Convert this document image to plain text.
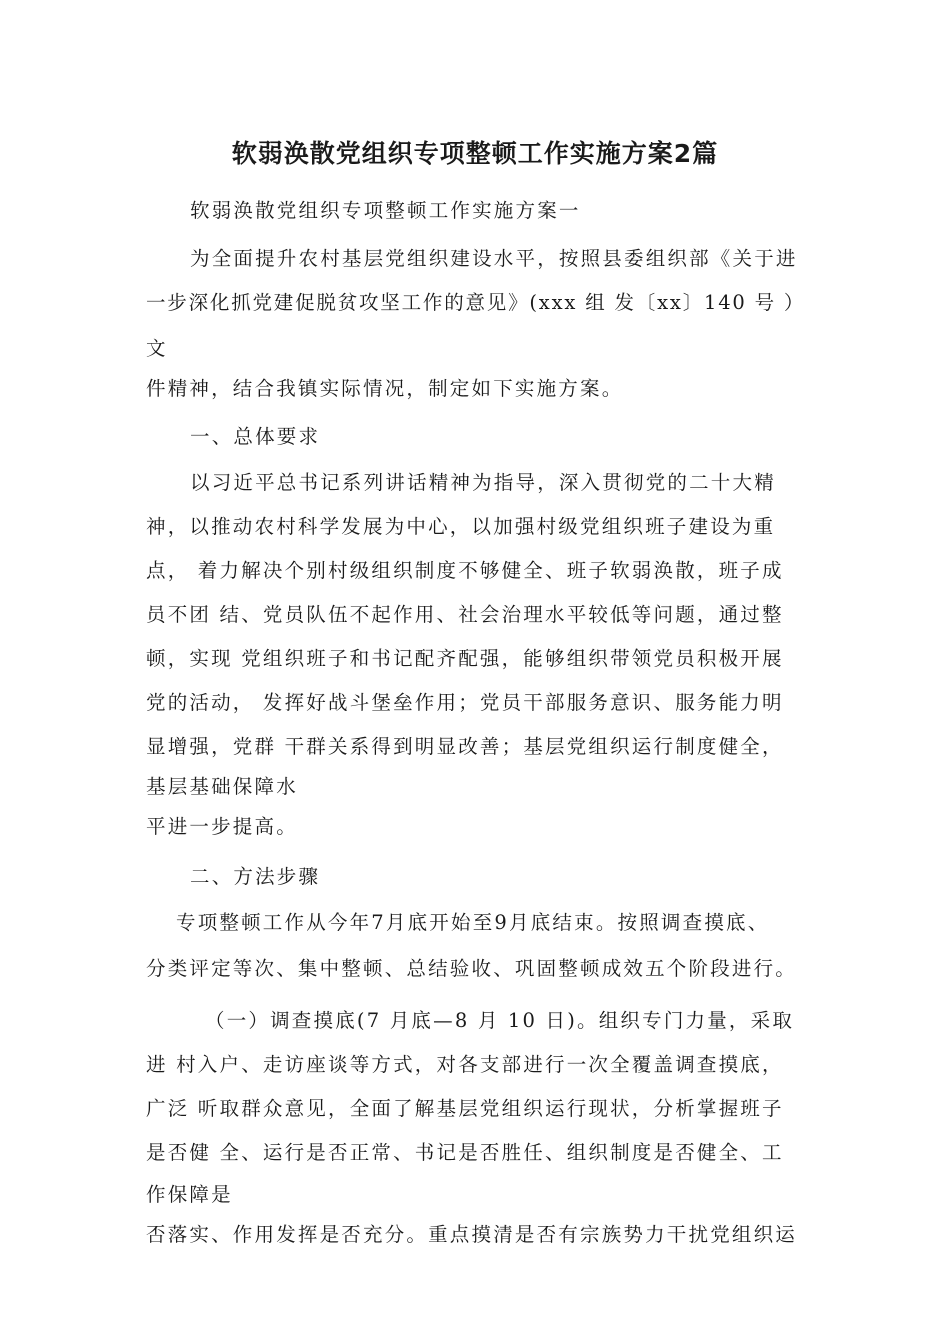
软弱涣散党组织专项整顿工作实施方案2篇
软弱涣散党组织专项整顿工作实施方案一
为全面提升农村基层党组织建设水平，按照县委组织部《关于进
一步深化抓党建促脱贫攻坚工作的意见》(xxx 组 发〔xx〕140 号 ）
文
件精神，结合我镇实际情况，制定如下实施方案。
一、总体要求
以习近平总书记系列讲话精神为指导，深入贯彻党的二十大精
神，以推动农村科学发展为中心，以加强村级党组织班子建设为重
点， 着力解决个别村级组织制度不够健全、班子软弱涣散，班子成
员不团 结、党员队伍不起作用、社会治理水平较低等问题，通过整
顿，实现 党组织班子和书记配齐配强，能够组织带领党员积极开展
党的活动， 发挥好战斗堡垒作用；党员干部服务意识、服务能力明
显增强，党群 干群关系得到明显改善；基层党组织运行制度健全，
基层基础保障水
平进一步提高。
二、方法步骤
专项整顿工作从今年7月底开始至9月底结束。按照调查摸底、
分类评定等次、集中整顿、总结验收、巩固整顿成效五个阶段进行。
（一）调查摸底(7 月底—8 月 10 日)。组织专门力量，采取
进 村入户、走访座谈等方式，对各支部进行一次全覆盖调查摸底，
广泛 听取群众意见，全面了解基层党组织运行现状，分析掌握班子
是否健 全、运行是否正常、书记是否胜任、组织制度是否健全、工
作保障是
否落实、作用发挥是否充分。重点摸清是否有宗族势力干扰党组织运
